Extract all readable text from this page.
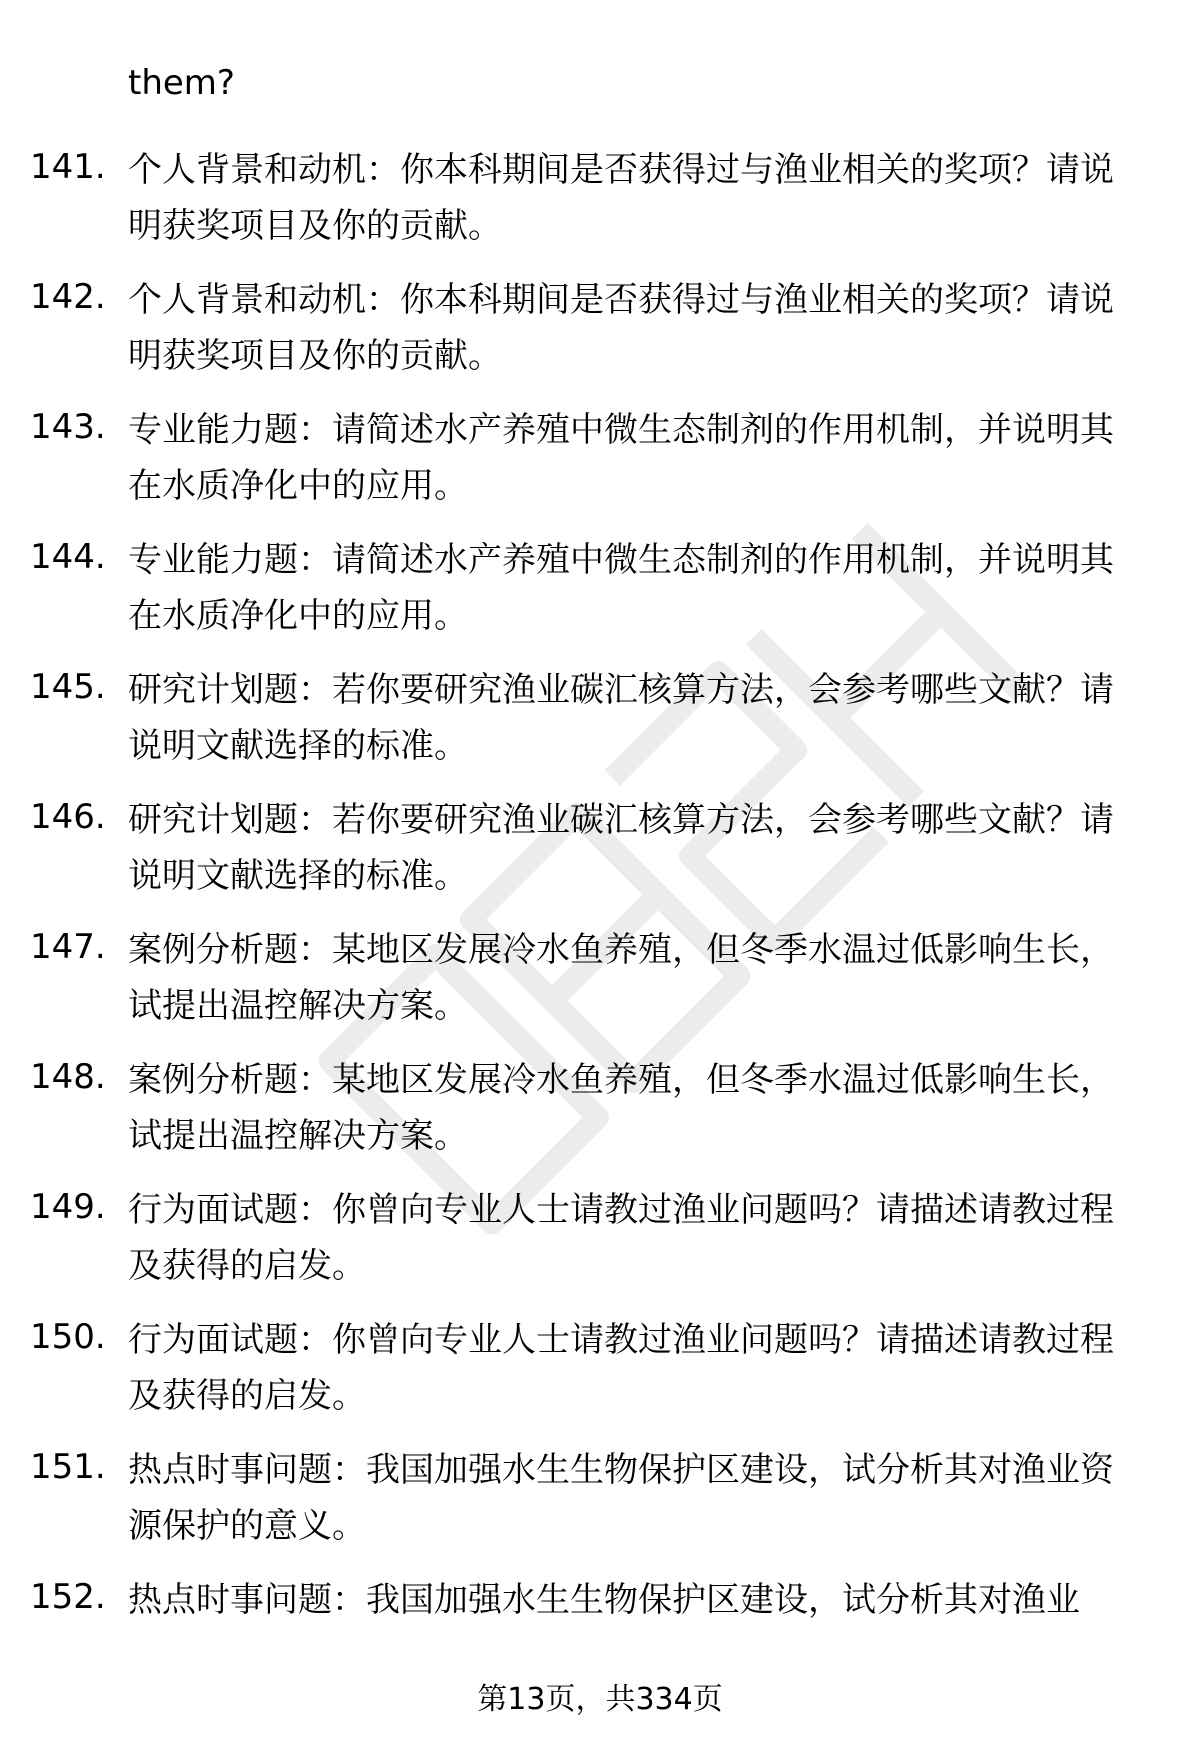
them?
141. 个人背景和动机：你本科期间是否获得过与渔业相关的奖项？请说明获奖项目及你的贡献。
142. 个人背景和动机：你本科期间是否获得过与渔业相关的奖项？请说明获奖项目及你的贡献。
143. 专业能力题：请简述水产养殖中微生态制剂的作用机制，并说明其在水质净化中的应用。
144. 专业能力题：请简述水产养殖中微生态制剂的作用机制，并说明其在水质净化中的应用。
145. 研究计划题：若你要研究渔业碳汇核算方法，会参考哪些文献？请说明文献选择的标准。
146. 研究计划题：若你要研究渔业碳汇核算方法，会参考哪些文献？请说明文献选择的标准。
147. 案例分析题：某地区发展冷水鱼养殖，但冬季水温过低影响生长，试提出温控解决方案。
148. 案例分析题：某地区发展冷水鱼养殖，但冬季水温过低影响生长，试提出温控解决方案。
149. 行为面试题：你曾向专业人士请教过渔业问题吗？请描述请教过程及获得的启发。
150. 行为面试题：你曾向专业人士请教过渔业问题吗？请描述请教过程及获得的启发。
151. 热点时事问题：我国加强水生生物保护区建设，试分析其对渔业资源保护的意义。
152. 热点时事问题：我国加强水生生物保护区建设，试分析其对渔业
第13页，共334页
